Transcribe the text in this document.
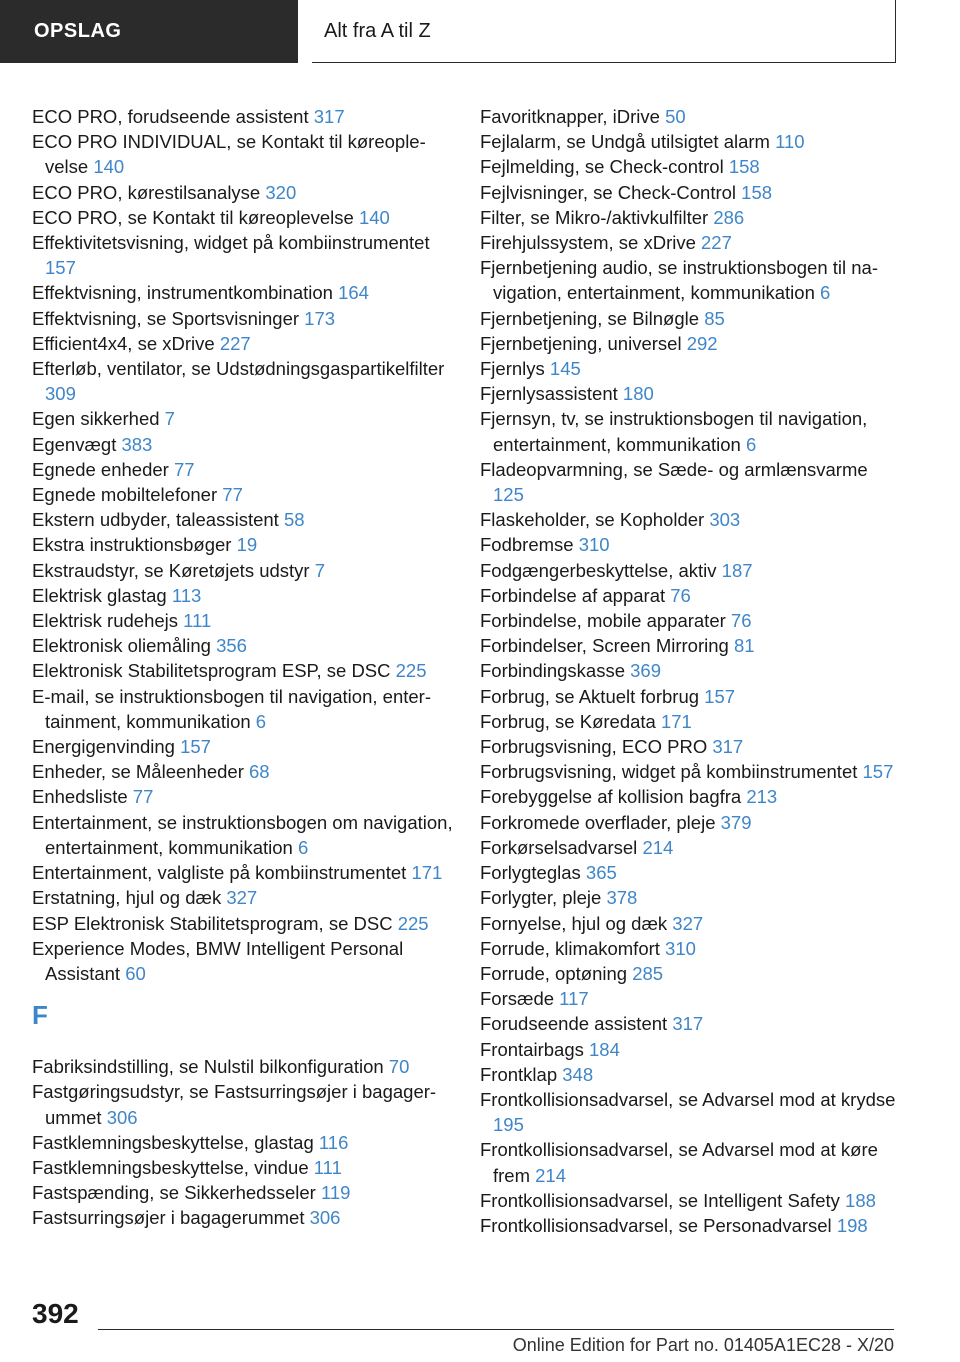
OPSLAG	Alt fra A til Z
ECO PRO, forudseende assistent 317
ECO PRO INDIVIDUAL, se Kontakt til køreoplevelse 140
ECO PRO, kørestilsanalyse 320
ECO PRO, se Kontakt til køreoplevelse 140
Effektivitetsvisning, widget på kombiinstrumentet 157
Effektvisning, instrumentkombination 164
Effektvisning, se Sportsvisninger 173
Efficient4x4, se xDrive 227
Efterløb, ventilator, se Udstødningsgaspartikelfilter 309
Egen sikkerhed 7
Egenvægt 383
Egnede enheder 77
Egnede mobiltelefoner 77
Ekstern udbyder, taleassistent 58
Ekstra instruktionsbøger 19
Ekstraudstyr, se Køretøjets udstyr 7
Elektrisk glastag 113
Elektrisk rudehejs 111
Elektronisk oliemåling 356
Elektronisk Stabilitetsprogram ESP, se DSC 225
E-mail, se instruktionsbogen til navigation, entertainment, kommunikation 6
Energigenvinding 157
Enheder, se Måleenheder 68
Enhedsliste 77
Entertainment, se instruktionsbogen om navigation, entertainment, kommunikation 6
Entertainment, valgliste på kombiinstrumentet 171
Erstatning, hjul og dæk 327
ESP Elektronisk Stabilitetsprogram, se DSC 225
Experience Modes, BMW Intelligent Personal Assistant 60
F
Fabriksindstilling, se Nulstil bilkonfiguration 70
Fastgøringsudstyr, se Fastsurringsøjer i bagagerummet 306
Fastklemningsbeskyttelse, glastag 116
Fastklemningsbeskyttelse, vindue 111
Fastspænding, se Sikkerhedsseler 119
Fastsurringsøjer i bagagerummet 306
Favoritknapper, iDrive 50
Fejlalarm, se Undgå utilsigtet alarm 110
Fejlmelding, se Check-control 158
Fejlvisninger, se Check-Control 158
Filter, se Mikro-/aktivkulfilter 286
Firehjulssystem, se xDrive 227
Fjernbetjening audio, se instruktionsbogen til navigation, entertainment, kommunikation 6
Fjernbetjening, se Bilnøgle 85
Fjernbetjening, universel 292
Fjernlys 145
Fjernlysassistent 180
Fjernsyn, tv, se instruktionsbogen til navigation, entertainment, kommunikation 6
Fladeopvarmning, se Sæde- og armlænsvarme 125
Flaskeholder, se Kopholder 303
Fodbremse 310
Fodgængerbeskyttelse, aktiv 187
Forbindelse af apparat 76
Forbindelse, mobile apparater 76
Forbindelser, Screen Mirroring 81
Forbindingskasse 369
Forbrug, se Aktuelt forbrug 157
Forbrug, se Køredata 171
Forbrugsvisning, ECO PRO 317
Forbrugsvisning, widget på kombiinstrumentet 157
Forebyggelse af kollision bagfra 213
Forkromede overflader, pleje 379
Forkørselsadvarsel 214
Forlygteglas 365
Forlygter, pleje 378
Fornyelse, hjul og dæk 327
Forrude, klimakomfort 310
Forrude, optøning 285
Forsæde 117
Forudseende assistent 317
Frontairbags 184
Frontklap 348
Frontkollisionsadvarsel, se Advarsel mod at krydse 195
Frontkollisionsadvarsel, se Advarsel mod at køre frem 214
Frontkollisionsadvarsel, se Intelligent Safety 188
Frontkollisionsadvarsel, se Personadvarsel 198
392
Online Edition for Part no. 01405A1EC28 - X/20
